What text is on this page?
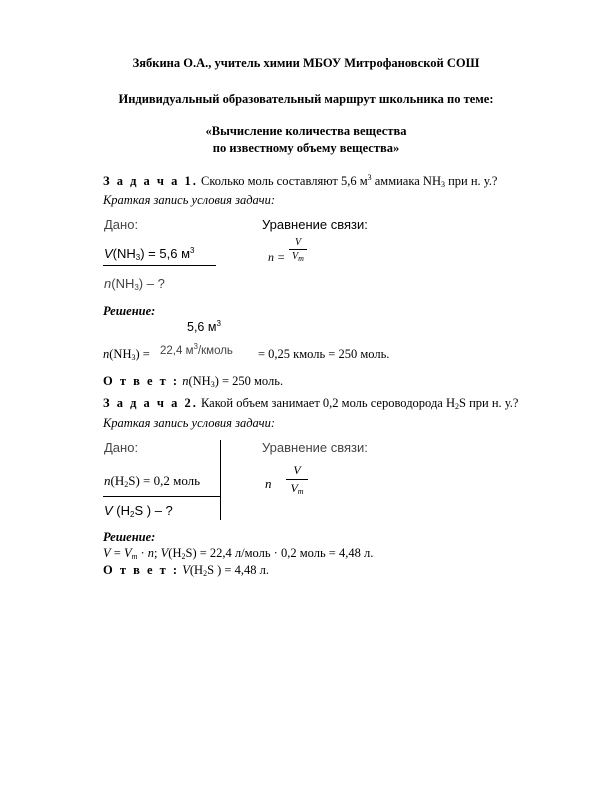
Зябкина О.А., учитель химии МБОУ Митрофановской СОШ
Индивидуальный образовательный маршрут школьника по теме:
«Вычисление количества вещества
по известному объему вещества»
З а д а ч а 1. Сколько моль составляют 5,6 $м^3$ аммиака $NH_3$ при н. у.?
Краткая запись условия задачи:
Дано:
$V(NH_3) = 5,6$ $м^3$
$n(NH_3)$ – ?
Уравнение связи:
n =
V
$V_m$
Решение:
$n(NH_3)$ =
5,6 $м^3$
22,4 $м^3$/кмоль = 0,25 кмоль = 250 моль.
О т в е т : $n(NH_3) = 250$ моль.
З а д а ч а 2. Какой объем занимает 0,2 моль сероводорода $H_2S$ при н. у.?
Краткая запись условия задачи:
Дано:
$n(H_2S) = 0,2$ моль
V ($H_2S$ ) – ?
Уравнение связи:
n
V
$V_m$
Решение:
$V = V_m \cdot n$; $V(H_2S) = 22,4$ л/моль · 0,2 моль = 4,48 л.
О т в е т : $V(H_2S$ ) = 4,48 л.
